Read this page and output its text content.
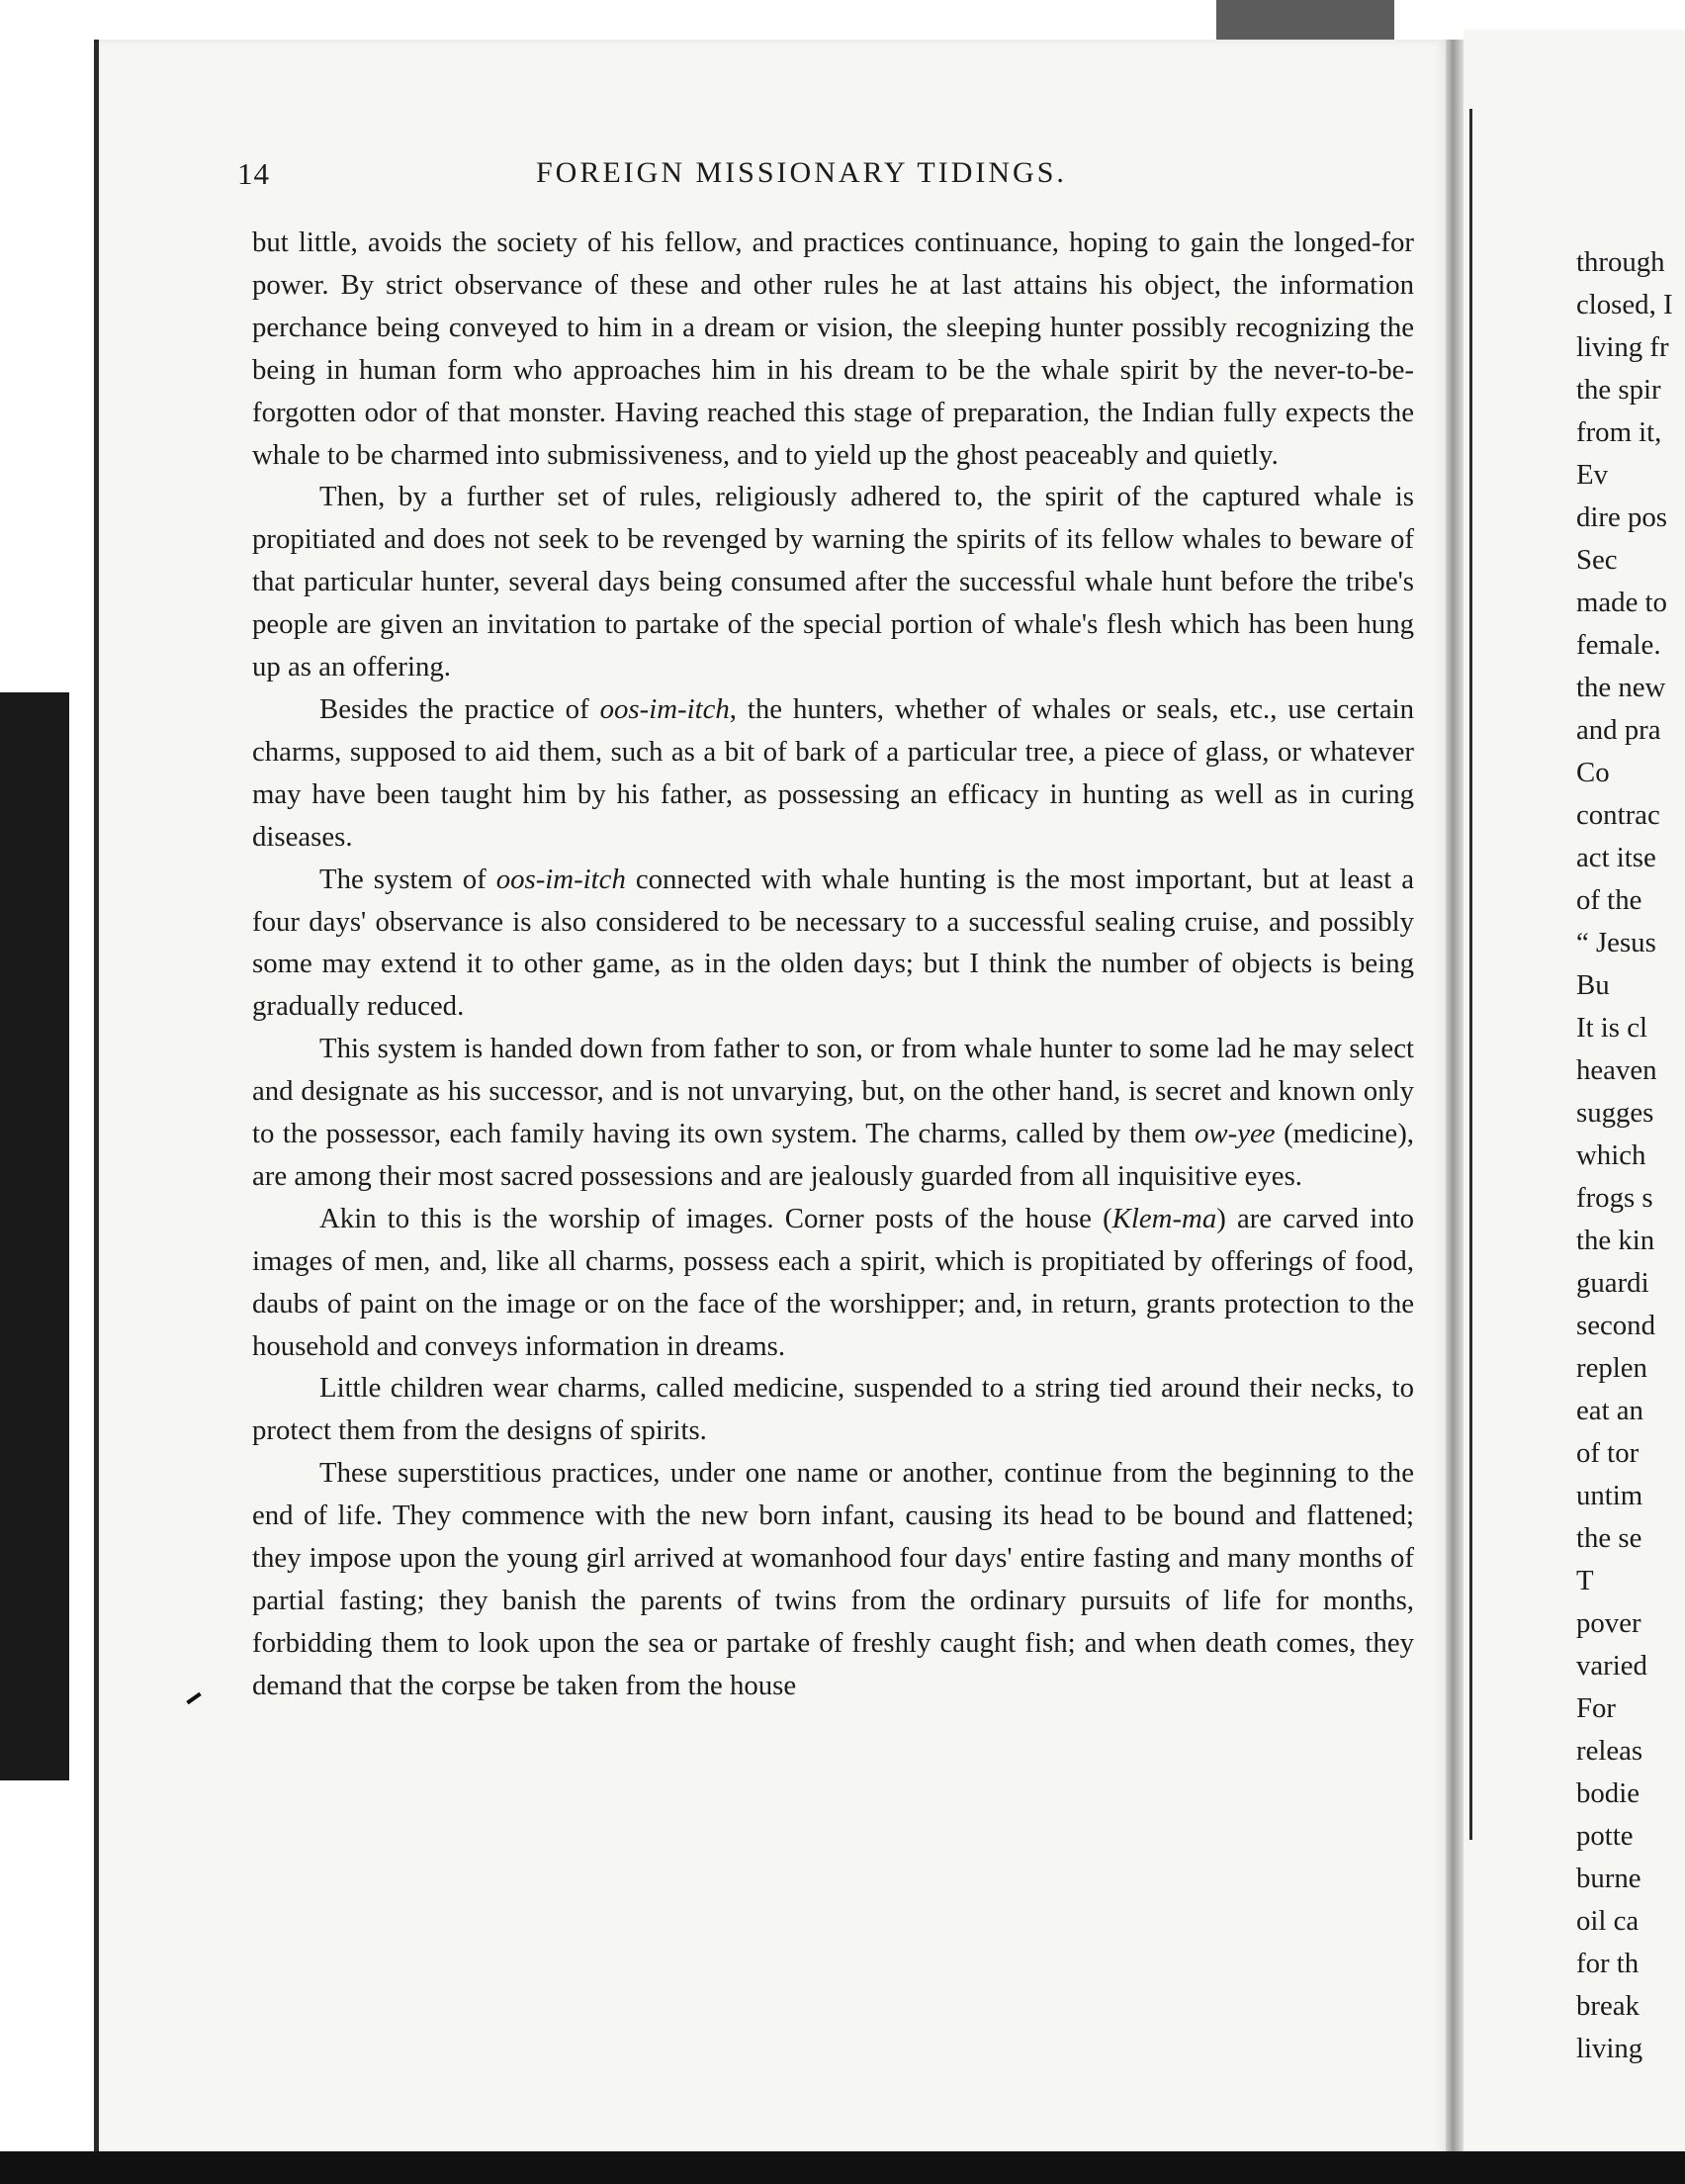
14	FOREIGN MISSIONARY TIDINGS.

but little, avoids the society of his fellow, and practices continuance, hoping to gain the longed-for power. By strict observance of these and other rules he at last attains his object, the information perchance being conveyed to him in a dream or vision, the sleeping hunter possibly recognizing the being in human form who approaches him in his dream to be the whale spirit by the never-to-be-forgotten odor of that monster. Having reached this stage of preparation, the Indian fully expects the whale to be charmed into submissiveness, and to yield up the ghost peaceably and quietly.

Then, by a further set of rules, religiously adhered to, the spirit of the captured whale is propitiated and does not seek to be revenged by warning the spirits of its fellow whales to beware of that particular hunter, several days being consumed after the successful whale hunt before the tribe's people are given an invitation to partake of the special portion of whale's flesh which has been hung up as an offering.

Besides the practice of oos-im-itch, the hunters, whether of whales or seals, etc., use certain charms, supposed to aid them, such as a bit of bark of a particular tree, a piece of glass, or whatever may have been taught him by his father, as possessing an efficacy in hunting as well as in curing diseases.

The system of oos-im-itch connected with whale hunting is the most important, but at least a four days' observance is also considered to be necessary to a successful sealing cruise, and possibly some may extend it to other game, as in the olden days; but I think the number of objects is being gradually reduced.

This system is handed down from father to son, or from whale hunter to some lad he may select and designate as his successor, and is not unvarying, but, on the other hand, is secret and known only to the possessor, each family having its own system. The charms, called by them ow-yee (medicine), are among their most sacred possessions and are jealously guarded from all inquisitive eyes.

Akin to this is the worship of images. Corner posts of the house (Klem-ma) are carved into images of men, and, like all charms, possess each a spirit, which is propitiated by offerings of food, daubs of paint on the image or on the face of the worshipper; and, in return, grants protection to the household and conveys information in dreams.

Little children wear charms, called medicine, suspended to a string tied around their necks, to protect them from the designs of spirits.

These superstitious practices, under one name or another, continue from the beginning to the end of life. They commence with the new born infant, causing its head to be bound and flattened; they impose upon the young girl arrived at womanhood four days' entire fasting and many months of partial fasting; they banish the parents of twins from the ordinary pursuits of life for months, forbidding them to look upon the sea or partake of freshly caught fish; and when death comes, they demand that the corpse be taken from the house

through
closed, I
living fr
the spir
from it,
Ev
dire pos
Sec
made to
female.
the new
and pra
Co
contrac
act itse
of the
“ Jesus
Bu
It is cl
heaven
sugges
which
frogs s
the kin
guardi
second
replen
eat an
of tor
untim
the se
T
pover
varied
For
releas
bodie
potte
burne
oil ca
for th
break
living
